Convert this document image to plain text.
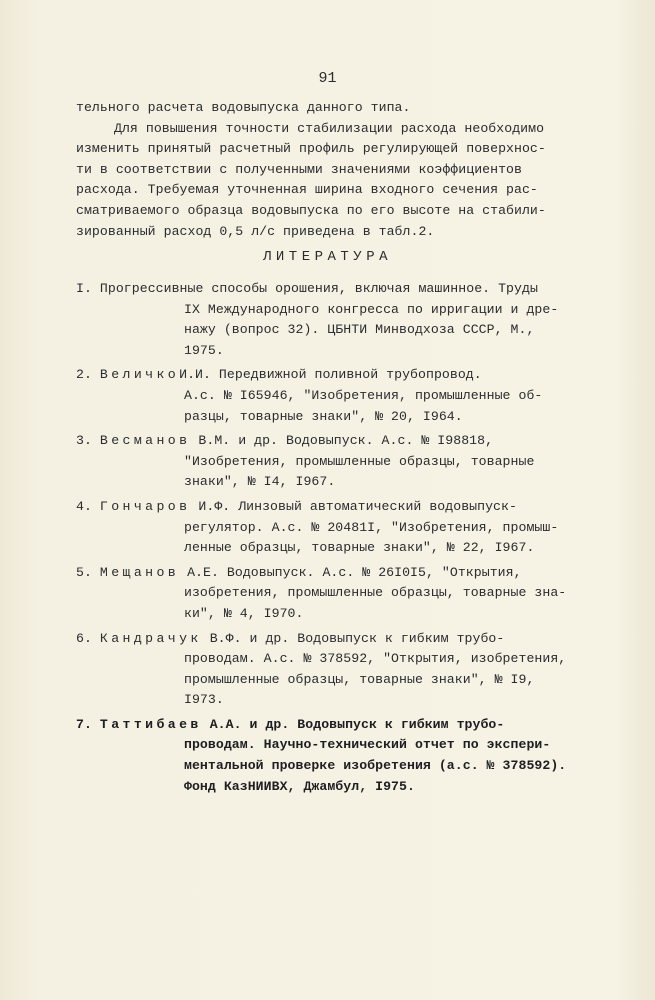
91
тельного расчета водовыпуска данного типа.
Для повышения точности стабилизации расхода необходимо
изменить принятый расчетный профиль регулирующей поверхнос-
ти в соответствии с полученными значениями коэффициентов
расхода. Требуемая уточненная ширина входного сечения рас-
сматриваемого образца водовыпуска по его высоте на стабили-
зированный расход 0,5 л/с приведена в табл.2.
ЛИТЕРАТУРА
I. Прогрессивные способы орошения, включая машинное. Труды
IX Международного конгресса по ирригации и дре-
нажу (вопрос 32). ЦБНТИ Минводхоза СССР, М.,
1975.
2. ВеличкоИ.И. Передвижной поливной трубопровод.
А.с. № I65946, "Изобретения, промышленные об-
разцы, товарные знаки", № 20, I964.
3. Весманов В.М. и др. Водовыпуск. А.с. № I98818,
"Изобретения, промышленные образцы, товарные
знаки", № I4, I967.
4. Гончаров И.Ф. Линзовый автоматический водовыпуск-
регулятор. А.с. № 20481I, "Изобретения, промыш-
ленные образцы, товарные знаки", № 22, I967.
5. Мещанов А.Е. Водовыпуск. А.с. № 26I0I5, "Открытия,
изобретения, промышленные образцы, товарные зна-
ки", № 4, I970.
6. Кандрачук В.Ф. и др. Водовыпуск к гибким трубо-
проводам. А.с. № 378592, "Открытия, изобретения,
промышленные образцы, товарные знаки", № I9,
I973.
7. Таттибаев А.А. и др. Водовыпуск к гибким трубо-
проводам. Научно-технический отчет по экспери-
ментальной проверке изобретения (а.с. № 378592).
Фонд КазНИИВХ, Джамбул, I975.
